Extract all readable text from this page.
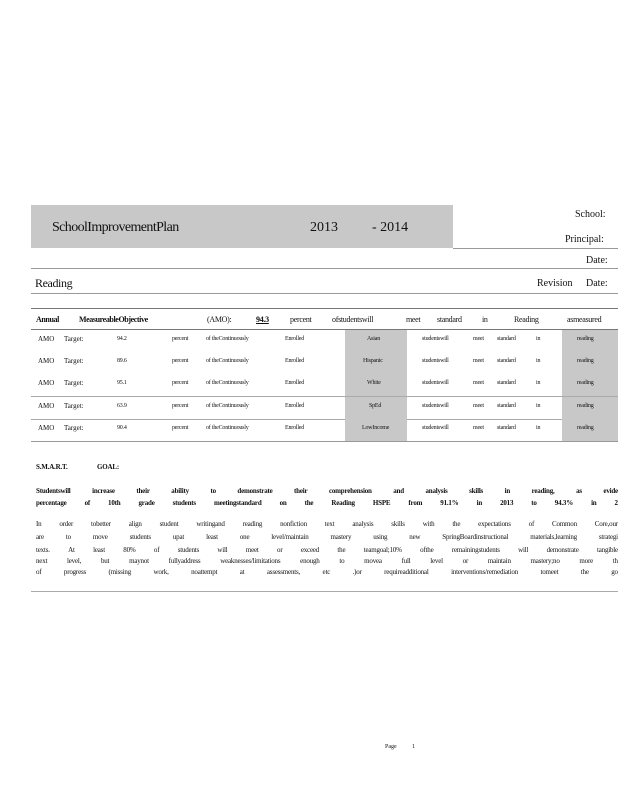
SchoolImprovementPlan	2013 - 2014
School:
Principal:
Date:
Reading	Revision Date:
Annual	MeasureableObjective	(AMO):	94.3	percent	ofstudentswill	meet standard	in	Reading	asmeasured
AMO Target:	94.2	percent	of theContinuously	Enrolled	Asian	studentswill	meet standard	in	reading
AMO Target:	89.6	percent	of theContinuously	Enrolled	Hispanic	studentswill	meet standard	in	reading
AMO Target:	95.1	percent	of theContinuously	Enrolled	White	studentswill	meet standard	in	reading
AMO Target:	63.9	percent	of theContinuously	Enrolled	SpEd	studentswill	meet standard	in	reading
AMO Target:	90.4	percent	of theContinuously	Enrolled	LowIncome	studentswill	meet standard	in	reading
S.M.A.R.T.	GOAL:
Studentswill	increase	their	ability	to	demonstrate	their	comprehension	and	analysis	skills	in	reading,	as	evide
percentage	of	10th	grade	students	meetingstandard	on	the	Reading	HSPE	from	91.1%	in	2013	to	94.3%	in	2
In	order	tobetter	align	student	writingand	reading	nonfiction	text	analysis	skills	with	the	expectations	of	Common	Core,our
are	to	move	students	upat	least	one	level/maintain	mastery	using	new	SpringBoardinstructional	materials,learning	strategi
texts.	At	least	80%	of	students	will	meet	or	exceed	the	teamgoal;10%	ofthe	remainingstudents	will	demonstrate	tangible
next	level,	but	maynot	fullyaddress	weaknesses/limitations	enough	to	movea	full	level	or	maintain	mastery;no	more	th
of	progress	(missing	work,	noattempt	at	assessments,	etc	.)or	requireadditional	interventions/remediation	tomeet	the	go
Page	1
